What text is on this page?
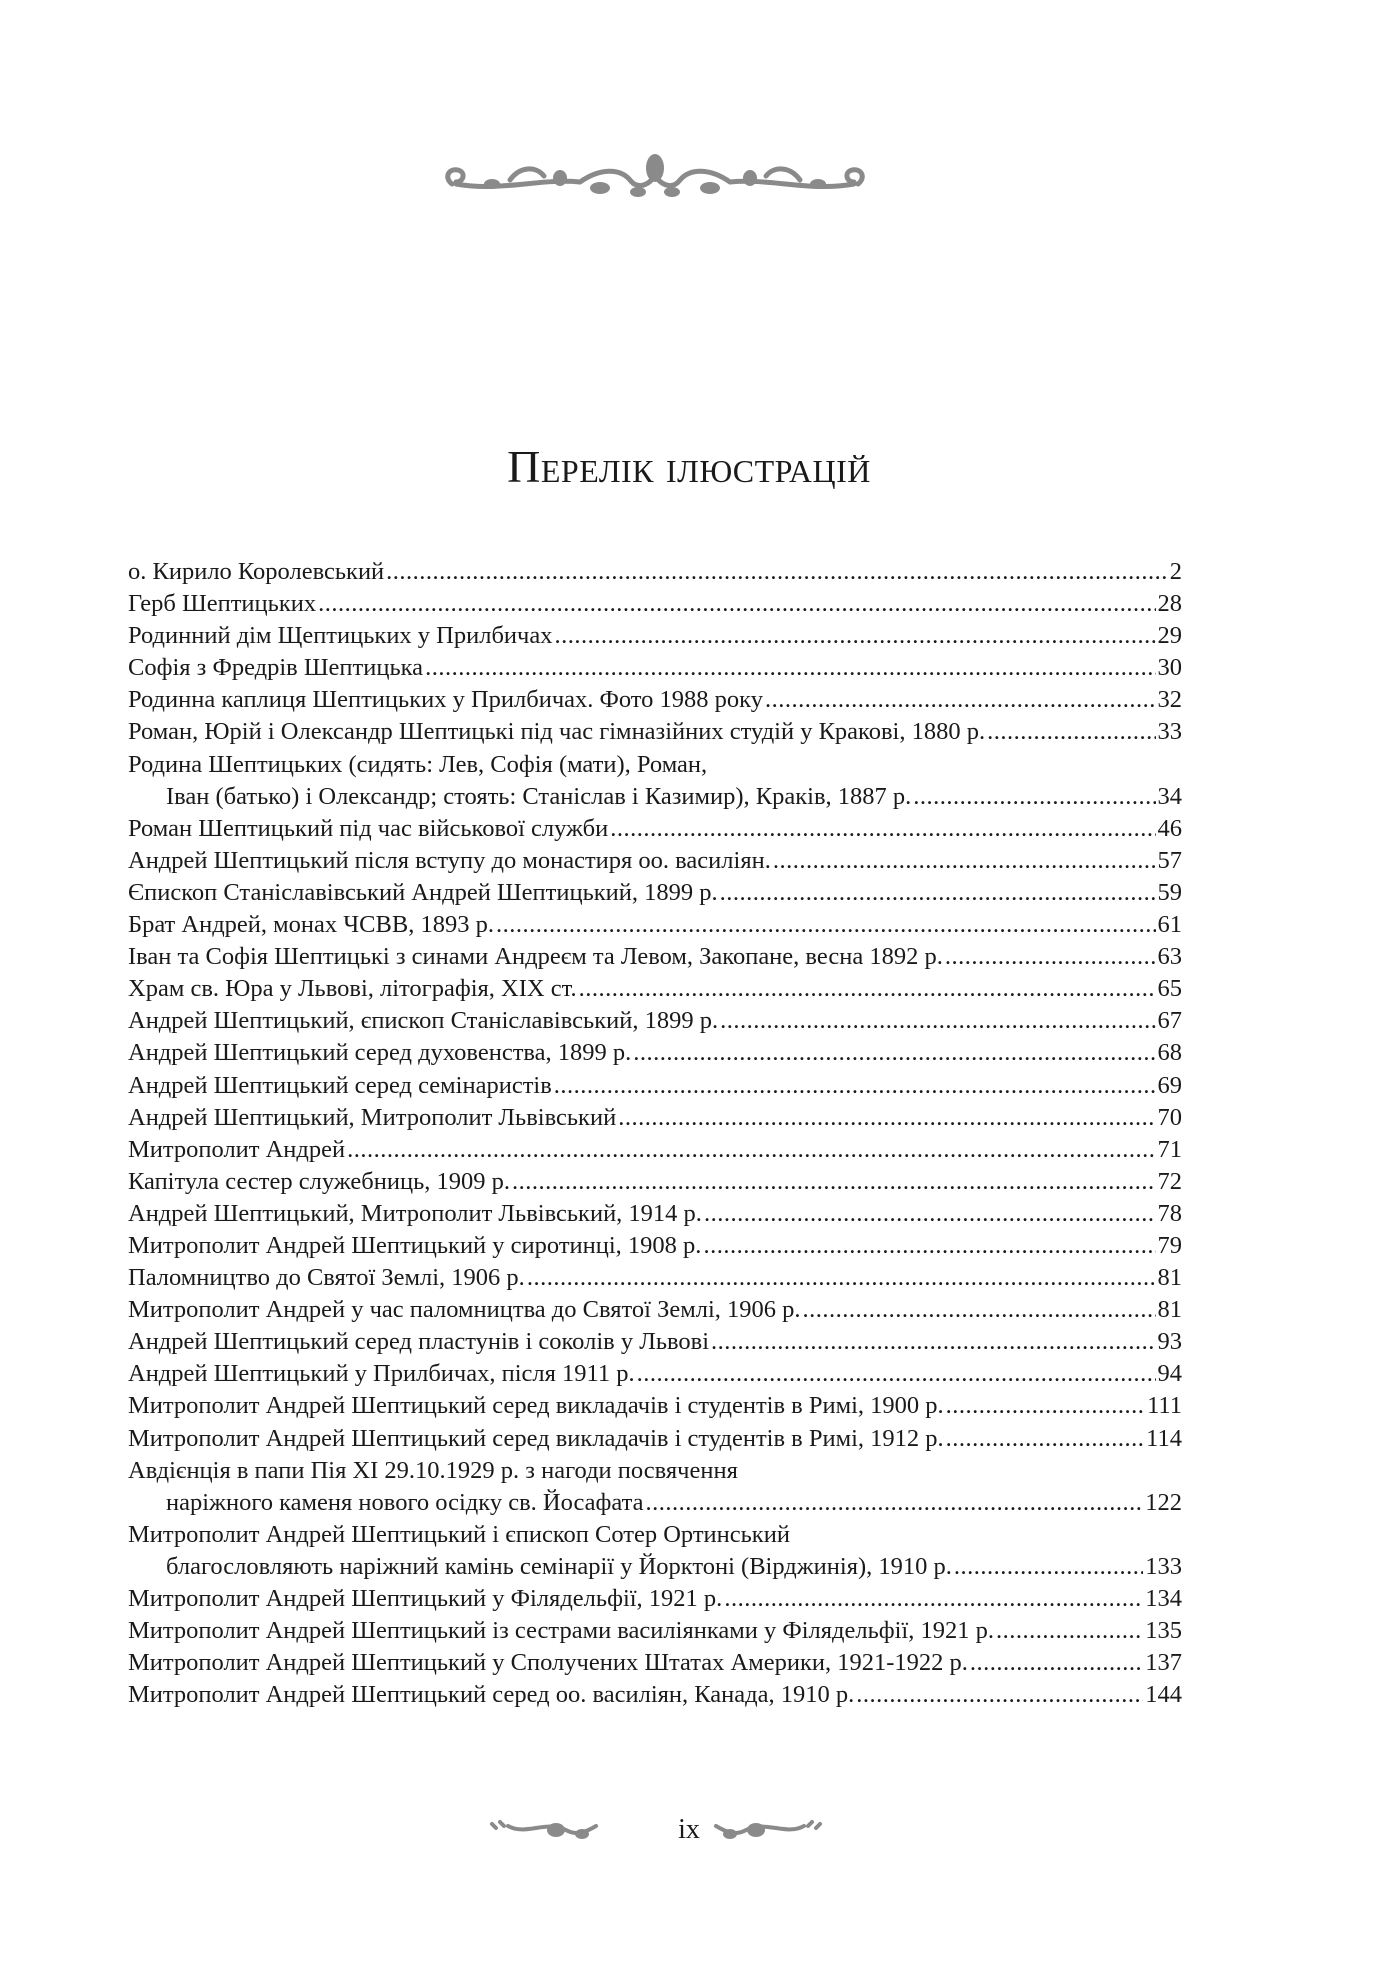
Перелік ілюстрацій
о. Кирило Королевський .....	2
Герб Шептицьких .....	28
Родинний дім Щептицьких у Прилбичах .....	29
Софія з Фредрів Шептицька .....	30
Родинна каплиця Шептицьких у Прилбичах. Фото 1988 року .....	32
Роман, Юрій і Олександр Шептицькі під час гімназійних студій у Кракові, 1880 р. .....	33
Родина Шептицьких (сидять: Лев, Софія (мати), Роман,
Іван (батько) і Олександр; стоять: Станіслав і Казимир), Краків, 1887 р. .....	34
Роман Шептицький під час військової служби .....	46
Андрей Шептицький після вступу до монастиря оо. василіян. .....	57
Єпископ Станіславівський Андрей Шептицький, 1899 р. .....	59
Брат Андрей, монах ЧСВВ, 1893 р. .....	61
Іван та Софія Шептицькі з синами Андреєм та Левом, Закопане, весна 1892 р. .....	63
Храм св. Юра у Львові, літографія, XIX ст. .....	65
Андрей Шептицький, єпископ Станіславівський, 1899 р. .....	67
Андрей Шептицький серед духовенства, 1899 р. .....	68
Андрей Шептицький серед семінаристів .....	69
Андрей Шептицький, Митрополит Львівський .....	70
Митрополит Андрей .....	71
Капітула сестер служебниць, 1909 р. .....	72
Андрей Шептицький, Митрополит Львівський, 1914 р. .....	78
Митрополит Андрей Шептицький у сиротинці, 1908 р. .....	79
Паломництво до Святої Землі, 1906 р. .....	81
Митрополит Андрей у час паломництва до Святої Землі, 1906 р. .....	81
Андрей Шептицький серед пластунів і соколів у Львові .....	93
Андрей Шептицький у Прилбичах, після 1911 р. .....	94
Митрополит Андрей Шептицький серед викладачів і студентів в Римі, 1900 р. .....	111
Митрополит Андрей Шептицький серед викладачів і студентів в Римі, 1912 р. .....	114
Авдієнція в папи Пія XI 29.10.1929 р. з нагоди посвячення
наріжного каменя нового осідку св. Йосафата .....	122
Митрополит Андрей Шептицький і єпископ Сотер Ортинський
благословляють наріжний камінь семінарії у Йорктоні (Вірджинія), 1910 р. .....	133
Митрополит Андрей Шептицький у Філядельфії, 1921 р. .....	134
Митрополит Андрей Шептицький із сестрами василіянками у Філядельфії, 1921 р. .....	135
Митрополит Андрей Шептицький у Сполучених Штатах Америки, 1921-1922 р. .....	137
Митрополит Андрей Шептицький серед оо. василіян, Канада, 1910 р. .....	144
ix
